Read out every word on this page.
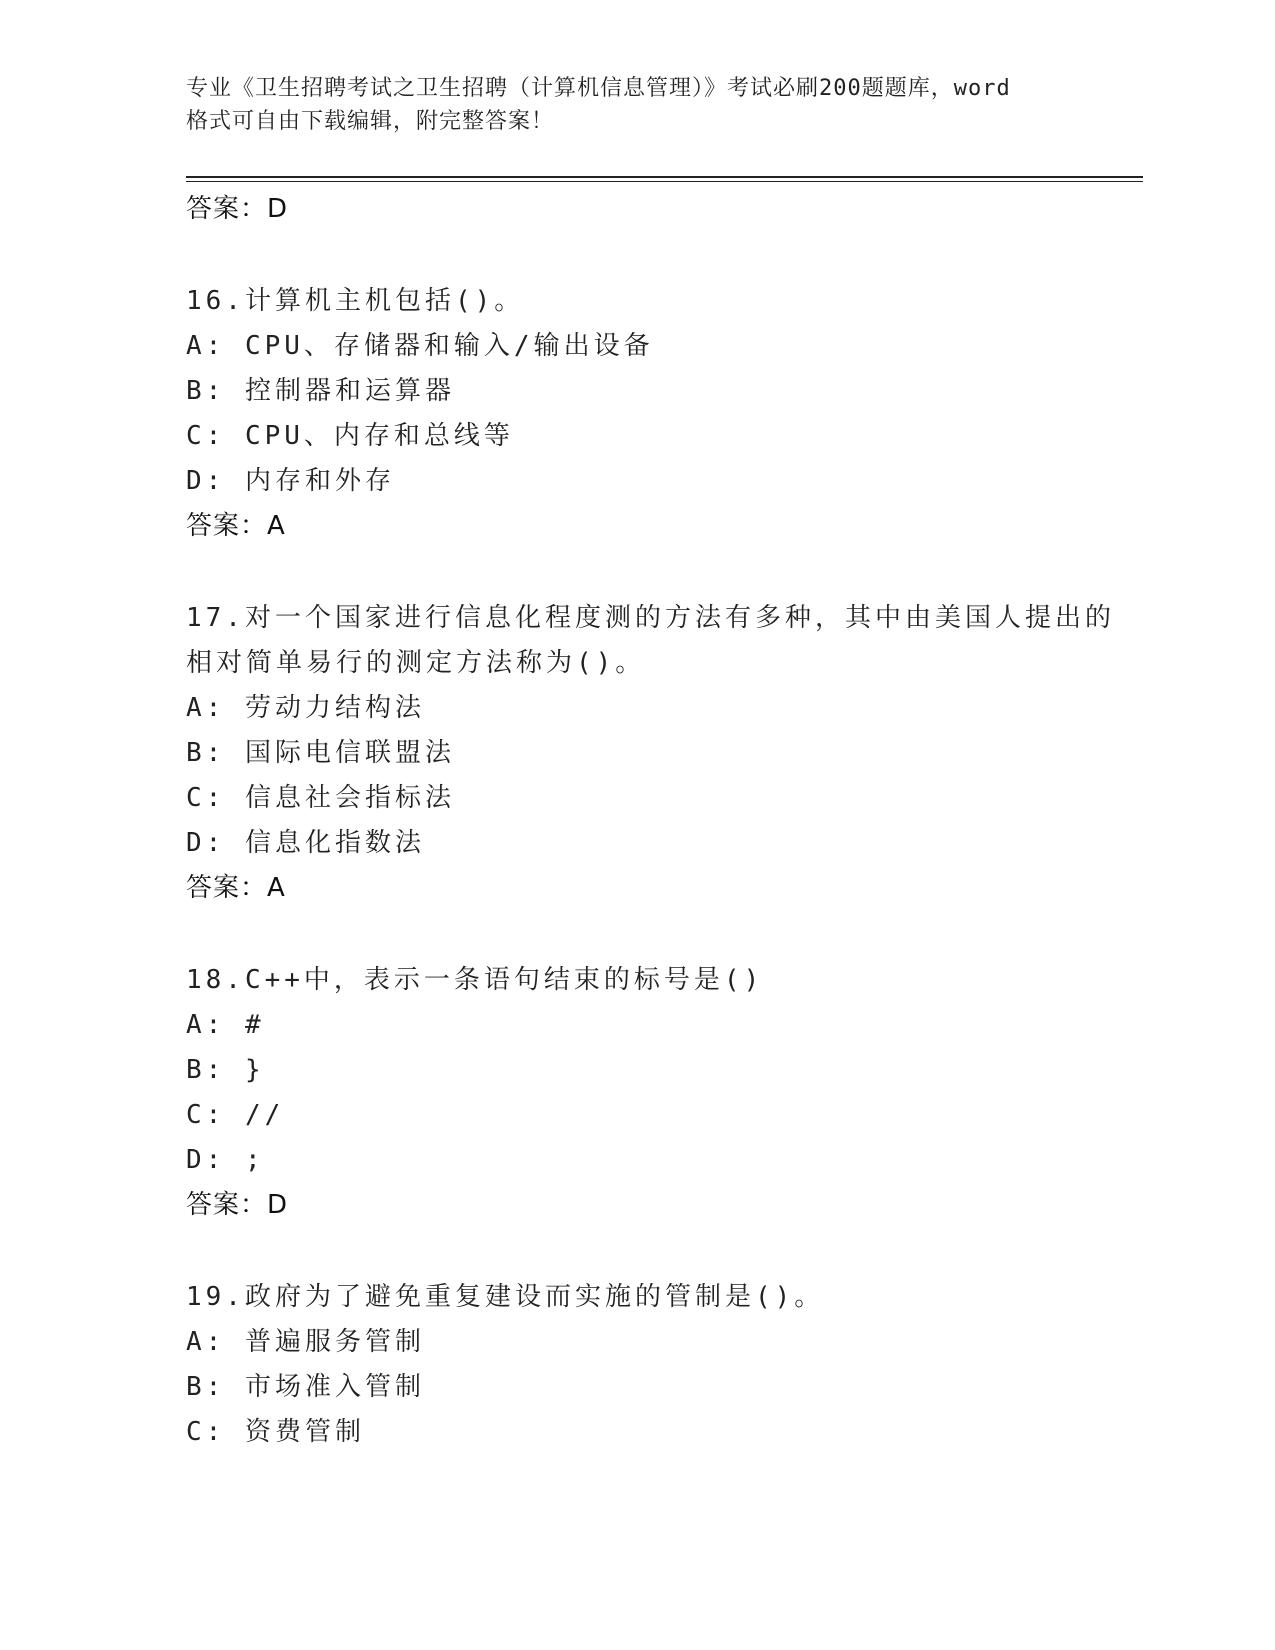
专业《卫生招聘考试之卫生招聘（计算机信息管理）》考试必刷200题题库，word
格式可自由下载编辑，附完整答案！
答案：D
16.计算机主机包括()。
A: CPU、存储器和输入/输出设备
B: 控制器和运算器
C: CPU、内存和总线等
D: 内存和外存
答案：A
17.对一个国家进行信息化程度测的方法有多种，其中由美国人提出的
相对简单易行的测定方法称为()。
A: 劳动力结构法
B: 国际电信联盟法
C: 信息社会指标法
D: 信息化指数法
答案：A
18.C++中，表示一条语句结束的标号是()
A: #
B: }
C: //
D: ;
答案：D
19.政府为了避免重复建设而实施的管制是()。
A: 普遍服务管制
B: 市场准入管制
C: 资费管制
